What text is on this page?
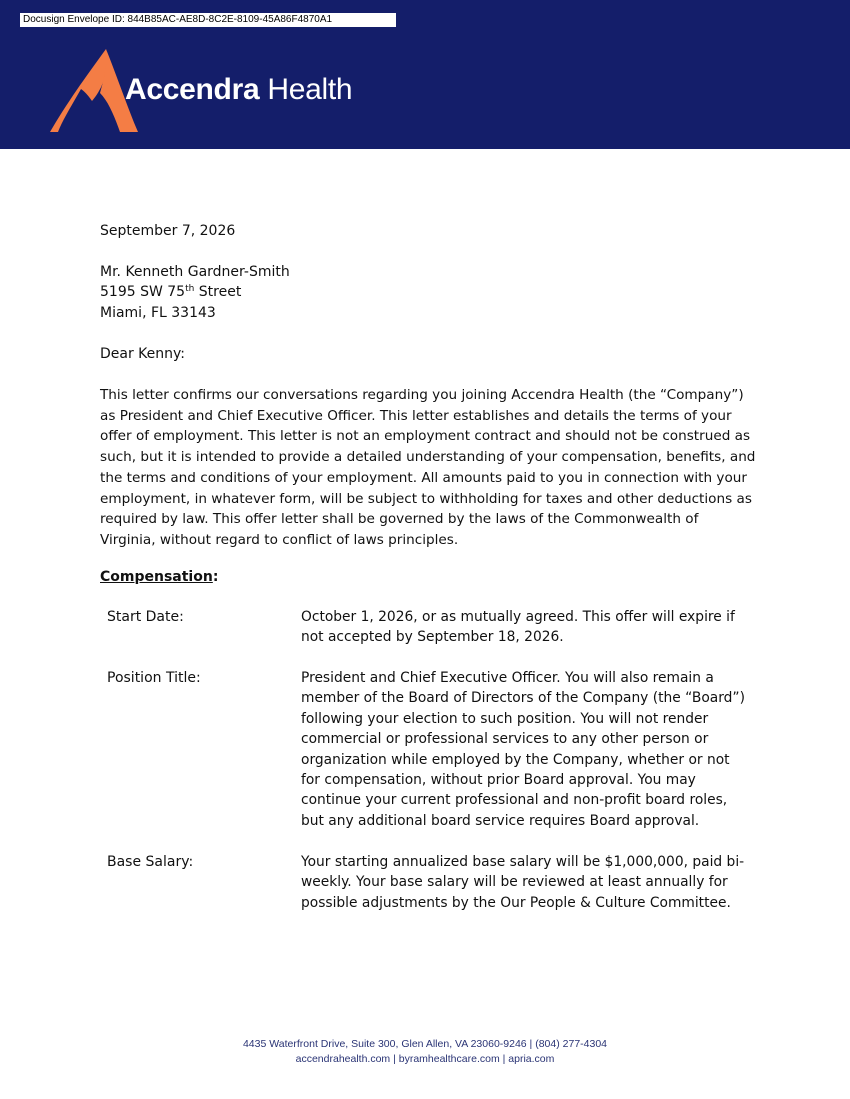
Docusign Envelope ID: 844B85AC-AE8D-8C2E-8109-45A86F4870A1
Accendra Health
September 7, 2026
Mr. Kenneth Gardner-Smith
5195 SW 75th Street
Miami, FL 33143
Dear Kenny:

This letter confirms our conversations regarding you joining Accendra Health (the “Company”)

as President and Chief Executive Officer. This letter establishes and details the terms of your

offer of employment. This letter is not an employment contract and should not be construed as

such, but it is intended to provide a detailed understanding of your compensation, benefits, and

the terms and conditions of your employment. All amounts paid to you in connection with your

employment, in whatever form, will be subject to withholding for taxes and other deductions as

required by law. This offer letter shall be governed by the laws of the Commonwealth of

Virginia, without regard to conflict of laws principles.

Compensation:
Start Date:	October 1, 2026, or as mutually agreed. This offer will expire if

not accepted by September 18, 2026.

Position Title:	President and Chief Executive Officer. You will also remain a

member of the Board of Directors of the Company (the “Board”)

following your election to such position. You will not render

commercial or professional services to any other person or

organization while employed by the Company, whether or not

for compensation, without prior Board approval. You may

continue your current professional and non-profit board roles,

but any additional board service requires Board approval.

Base Salary:	Your starting annualized base salary will be $1,000,000, paid bi-

weekly. Your base salary will be reviewed at least annually for

possible adjustments by the Our People & Culture Committee.

4435 Waterfront Drive, Suite 300, Glen Allen, VA 23060-9246 | (804) 277-4304
accendrahealth.com | byramhealthcare.com | apria.com
